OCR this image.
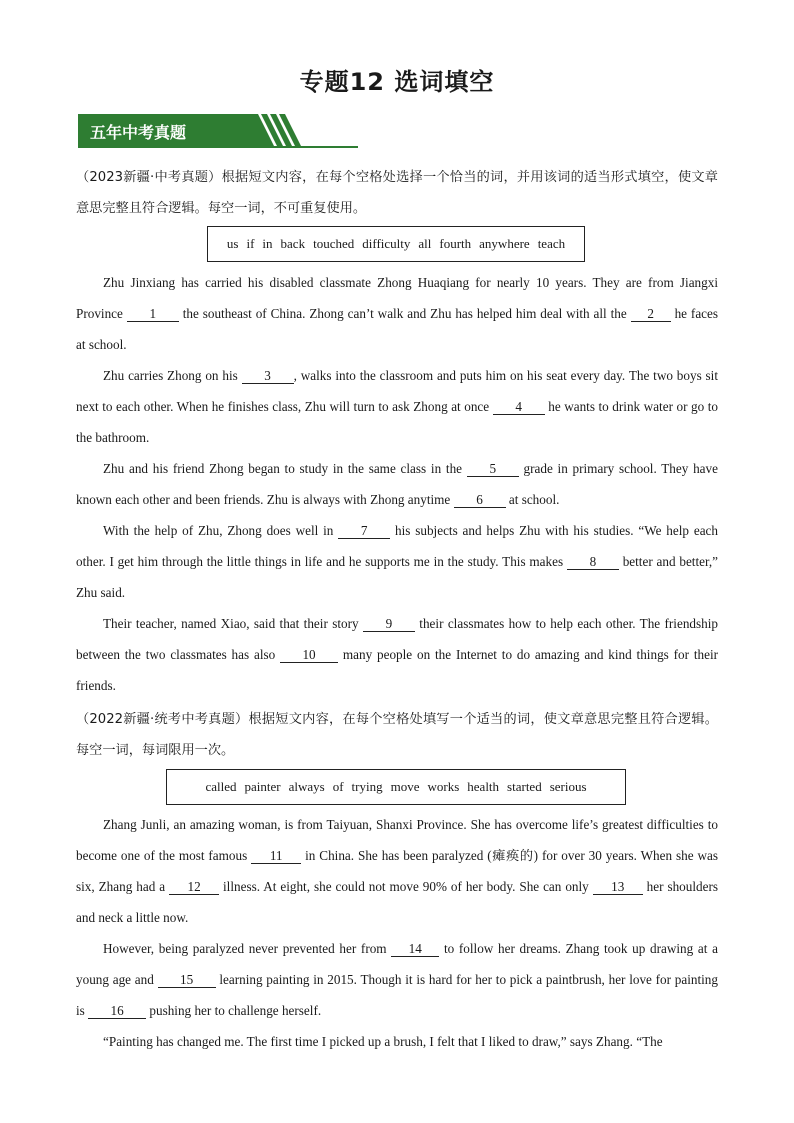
专题12 选词填空
五年中考真题

（2023新疆·中考真题）根据短文内容，在每个空格处选择一个恰当的词，并用该词的适当形式填空，使文章意思完整且符合逻辑。每空一词，不可重复使用。

us if in back touched difficulty all fourth anywhere teach

Zhu Jinxiang has carried his disabled classmate Zhong Huaqiang for nearly 10 years. They are from Jiangxi Province 1 the southeast of China. Zhong can’t walk and Zhu has helped him deal with all the 2 he faces at school.

Zhu carries Zhong on his 3 , walks into the classroom and puts him on his seat every day. The two boys sit next to each other. When he finishes class, Zhu will turn to ask Zhong at once 4 he wants to drink water or go to the bathroom.

Zhu and his friend Zhong began to study in the same class in the 5 grade in primary school. They have known each other and been friends. Zhu is always with Zhong anytime 6 at school.

With the help of Zhu, Zhong does well in 7 his subjects and helps Zhu with his studies. “We help each other. I get him through the little things in life and he supports me in the study. This makes 8 better and better,” Zhu said.

Their teacher, named Xiao, said that their story 9 their classmates how to help each other. The friendship between the two classmates has also 10 many people on the Internet to do amazing and kind things for their friends.

（2022新疆·统考中考真题）根据短文内容，在每个空格处填写一个适当的词，使文章意思完整且符合逻辑。每空一词，每词限用一次。

called painter always of trying move works health started serious

Zhang Junli, an amazing woman, is from Taiyuan, Shanxi Province. She has overcome life’s greatest difficulties to become one of the most famous 11 in China. She has been paralyzed (瘫痪的) for over 30 years. When she was six, Zhang had a 12 illness. At eight, she could not move 90% of her body. She can only 13 her shoulders and neck a little now.

However, being paralyzed never prevented her from 14 to follow her dreams. Zhang took up drawing at a young age and 15 learning painting in 2015. Though it is hard for her to pick a paintbrush, her love for painting is 16 pushing her to challenge herself.

“Painting has changed me. The first time I picked up a brush, I felt that I liked to draw,” says Zhang. “The
